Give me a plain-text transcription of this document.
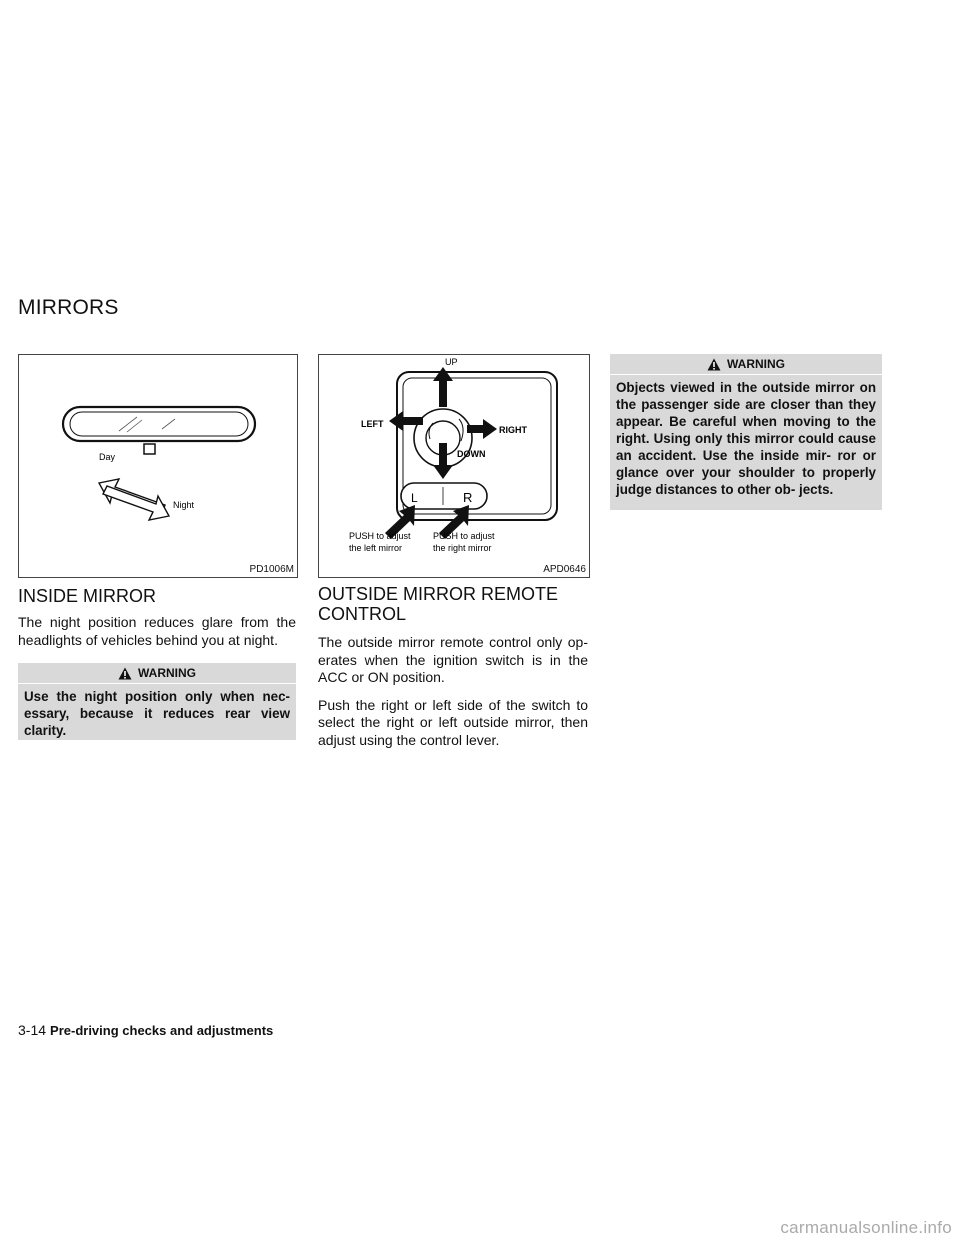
MIRRORS
Day
Night
PD1006M
L	R
UP
DOWN
LEFT
RIGHT
PUSH to adjust
the left mirror
PUSH to adjust
the right mirror
APD0646
WARNING
Objects viewed in the outside mirror on the passenger side are closer than they appear. Be careful when moving to the right. Using only this mirror could cause an accident. Use the inside mir- ror or glance over your shoulder to properly judge distances to other ob- jects.
INSIDE MIRROR

The night position reduces glare from the headlights of vehicles behind you at night.

WARNING
Use the night position only when nec- essary, because it reduces rear view clarity.
OUTSIDE MIRROR REMOTE
CONTROL

The outside mirror remote control only op- erates when the ignition switch is in the ACC or ON position.

Push the right or left side of the switch to select the right or left outside mirror, then adjust using the control lever.

3-14 Pre-driving checks and adjustments
carmanualsonline.info
